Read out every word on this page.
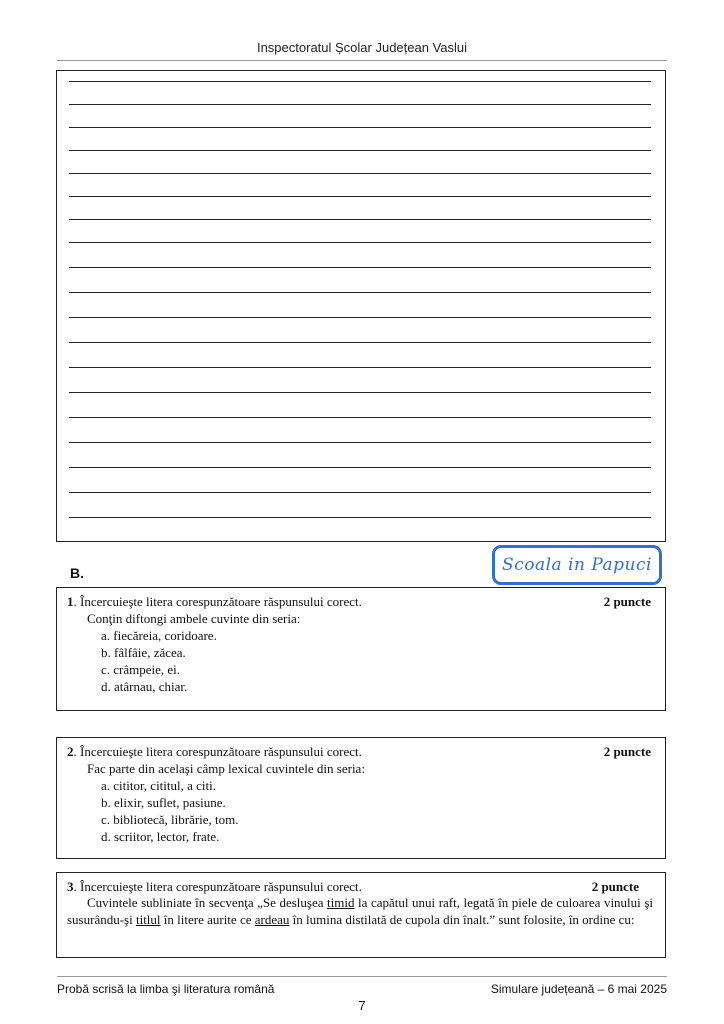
Inspectoratul Școlar Județean Vaslui
B.	Scoala in Papuci
1. Încercuieşte litera corespunzătoare răspunsului corect.	2 puncte
Conţin diftongi ambele cuvinte din seria:
a. fiecăreia, coridoare.
b. fâlfâie, zăcea.
c. crâmpeie, ei.
d. atârnau, chiar.
2. Încercuieşte litera corespunzătoare răspunsului corect.	2 puncte
Fac parte din acelaşi câmp lexical cuvintele din seria:
a. cititor, cititul, a citi.
b. elixir, suflet, pasiune.
c. bibliotecă, librărie, tom.
d. scriitor, lector, frate.
3. Încercuieşte litera corespunzătoare răspunsului corect.	2 puncte
Cuvintele subliniate în secvenţa „Se desluşea timid la capătul unui raft, legată în piele de culoarea vinului şi susurându-şi titlul în litere aurite ce ardeau în lumina distilată de cupola din înalt.” sunt folosite, în ordine cu:
Probă scrisă la limba şi literatura română	Simulare județeană – 6 mai 2025
7
